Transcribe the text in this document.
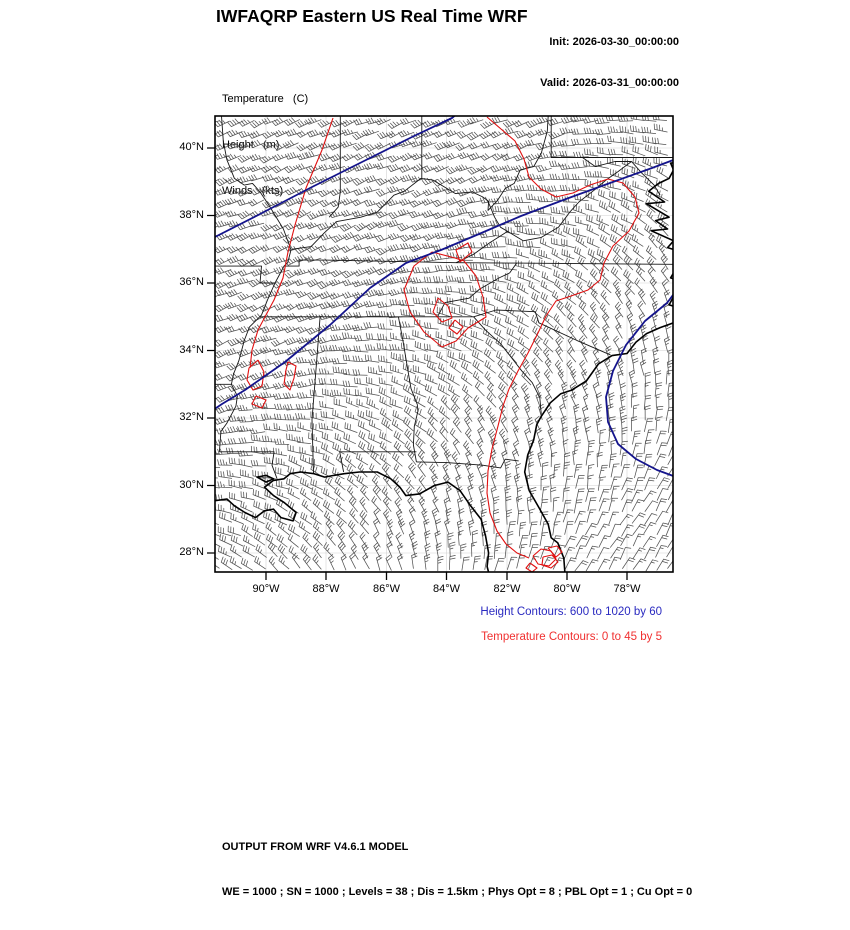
IWFAQRP Eastern US Real Time WRF

Init: 2026-03-30_00:00:00

Valid: 2026-03-31_00:00:00

Temperature   (C)

Height   (m)

Winds   (kts)

Height Contours: 600 to 1020 by 60
Temperature Contours: 0 to 45 by 5

OUTPUT FROM WRF V4.6.1 MODEL

WE = 1000 ; SN = 1000 ; Levels = 38 ; Dis = 1.5km ; Phys Opt = 8 ; PBL Opt = 1 ; Cu Opt = 0

40°N
38°N
36°N
34°N
32°N
30°N
28°N
90°W	88°W	86°W	84°W	82°W	80°W	78°W
